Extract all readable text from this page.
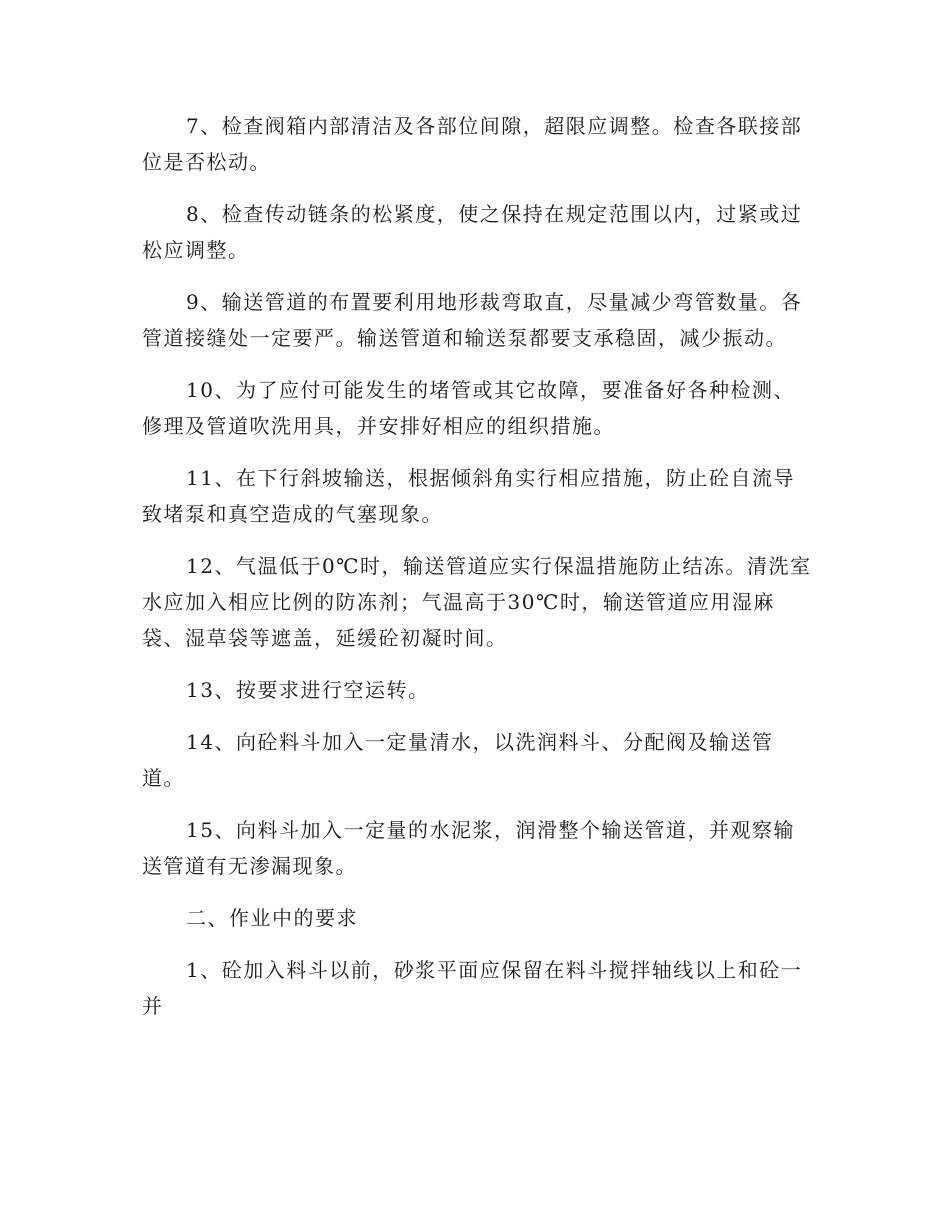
7、检查阀箱内部清洁及各部位间隙，超限应调整。检查各联接部
位是否松动。

8、检查传动链条的松紧度，使之保持在规定范围以内，过紧或过
松应调整。

9、输送管道的布置要利用地形裁弯取直，尽量减少弯管数量。各
管道接缝处一定要严。输送管道和输送泵都要支承稳固，减少振动。

10、为了应付可能发生的堵管或其它故障，要准备好各种检测、
修理及管道吹洗用具，并安排好相应的组织措施。

11、在下行斜坡输送，根据倾斜角实行相应措施，防止砼自流导
致堵泵和真空造成的气塞现象。

12、气温低于0℃时，输送管道应实行保温措施防止结冻。清洗室
水应加入相应比例的防冻剂；气温高于30℃时，输送管道应用湿麻
袋、湿草袋等遮盖，延缓砼初凝时间。

13、按要求进行空运转。

14、向砼料斗加入一定量清水，以洗润料斗、分配阀及输送管
道。

15、向料斗加入一定量的水泥浆，润滑整个输送管道，并观察输
送管道有无渗漏现象。

二、作业中的要求

1、砼加入料斗以前，砂浆平面应保留在料斗搅拌轴线以上和砼一
并
